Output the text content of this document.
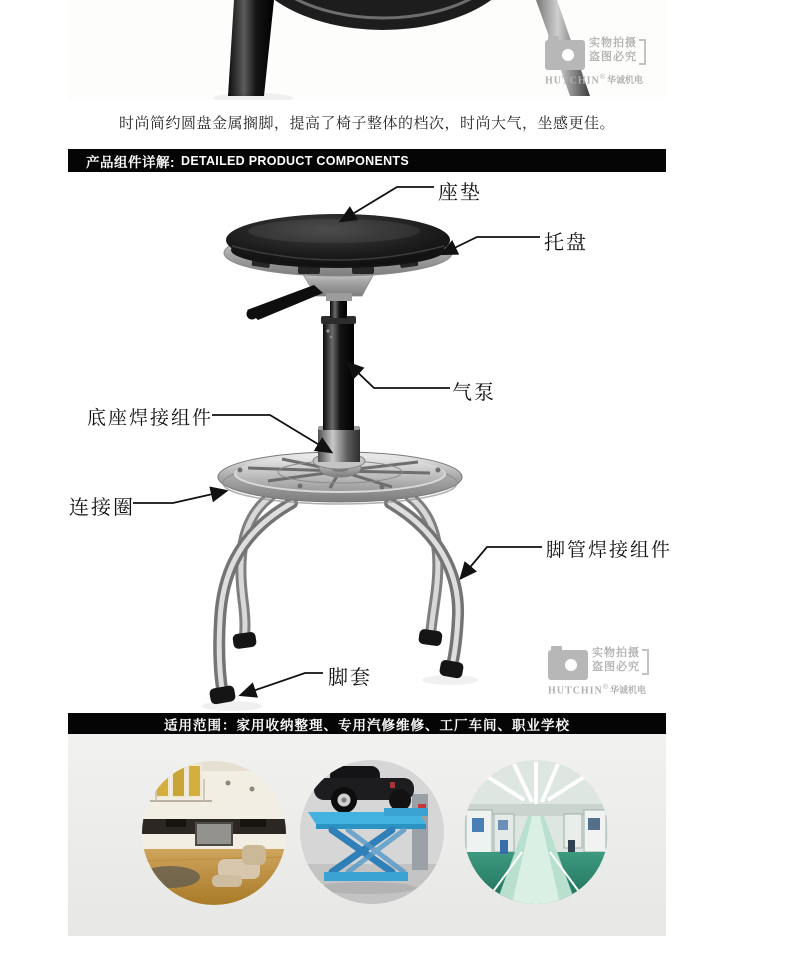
实物拍摄
盗图必究
HUTCHIN® 华诚机电
时尚简约圆盘金属搁脚，提高了椅子整体的档次，时尚大气，坐感更佳。
产品组件详解: DETAILED PRODUCT COMPONENTS
座垫
托盘
气泵
底座焊接组件
连接圈
脚管焊接组件
脚套
实物拍摄
盗图必究
HUTCHIN® 华诚机电
适用范围：家用收纳整理、专用汽修维修、工厂车间、职业学校
